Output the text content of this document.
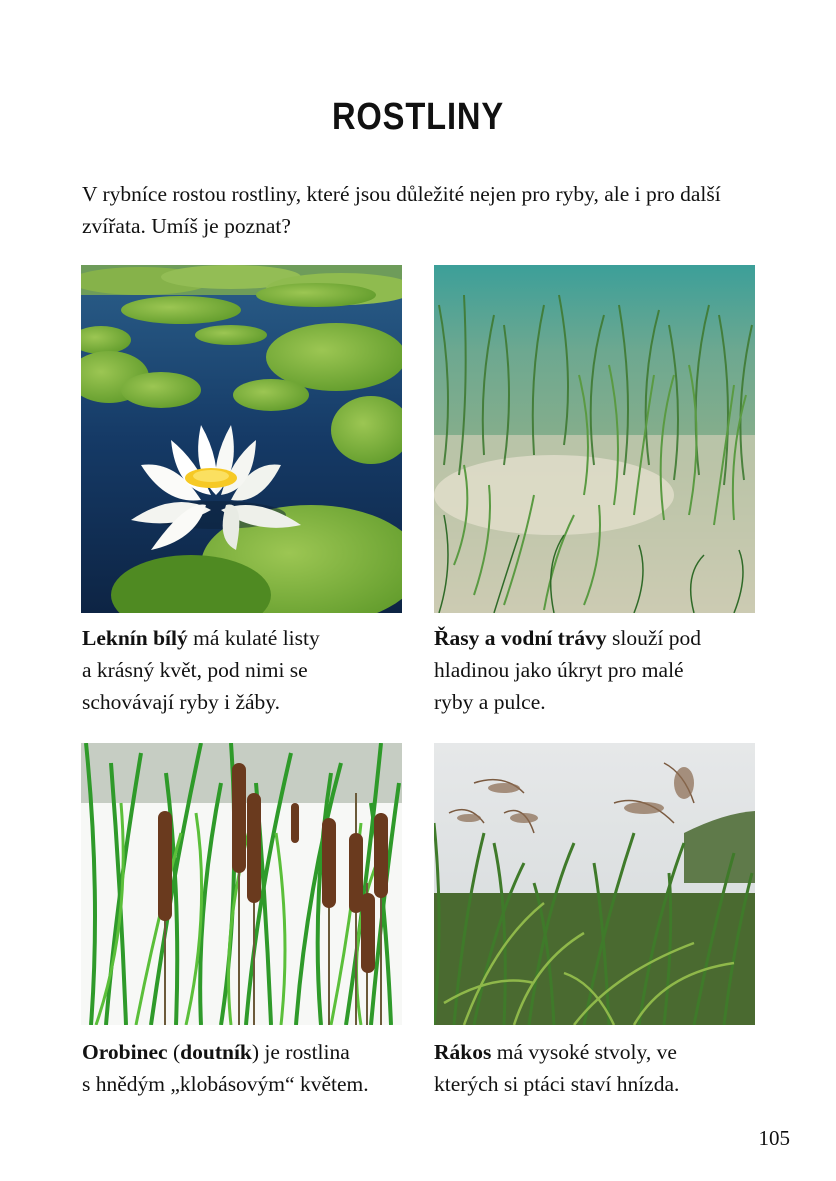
ROSTLINY

V rybníce rostou rostliny, které jsou důležité nejen pro ryby, ale i pro další zvířata. Umíš je poznat?

Leknín bílý má kulaté listy
a krásný květ, pod nimi se
schovávají ryby i žáby.

Řasy a vodní trávy slouží pod
hladinou jako úkryt pro malé
ryby a pulce.

Orobinec (doutník) je rostlina
s hnědým „klobásovým“ květem.

Rákos má vysoké stvoly, ve
kterých si ptáci staví hnízda.

105
